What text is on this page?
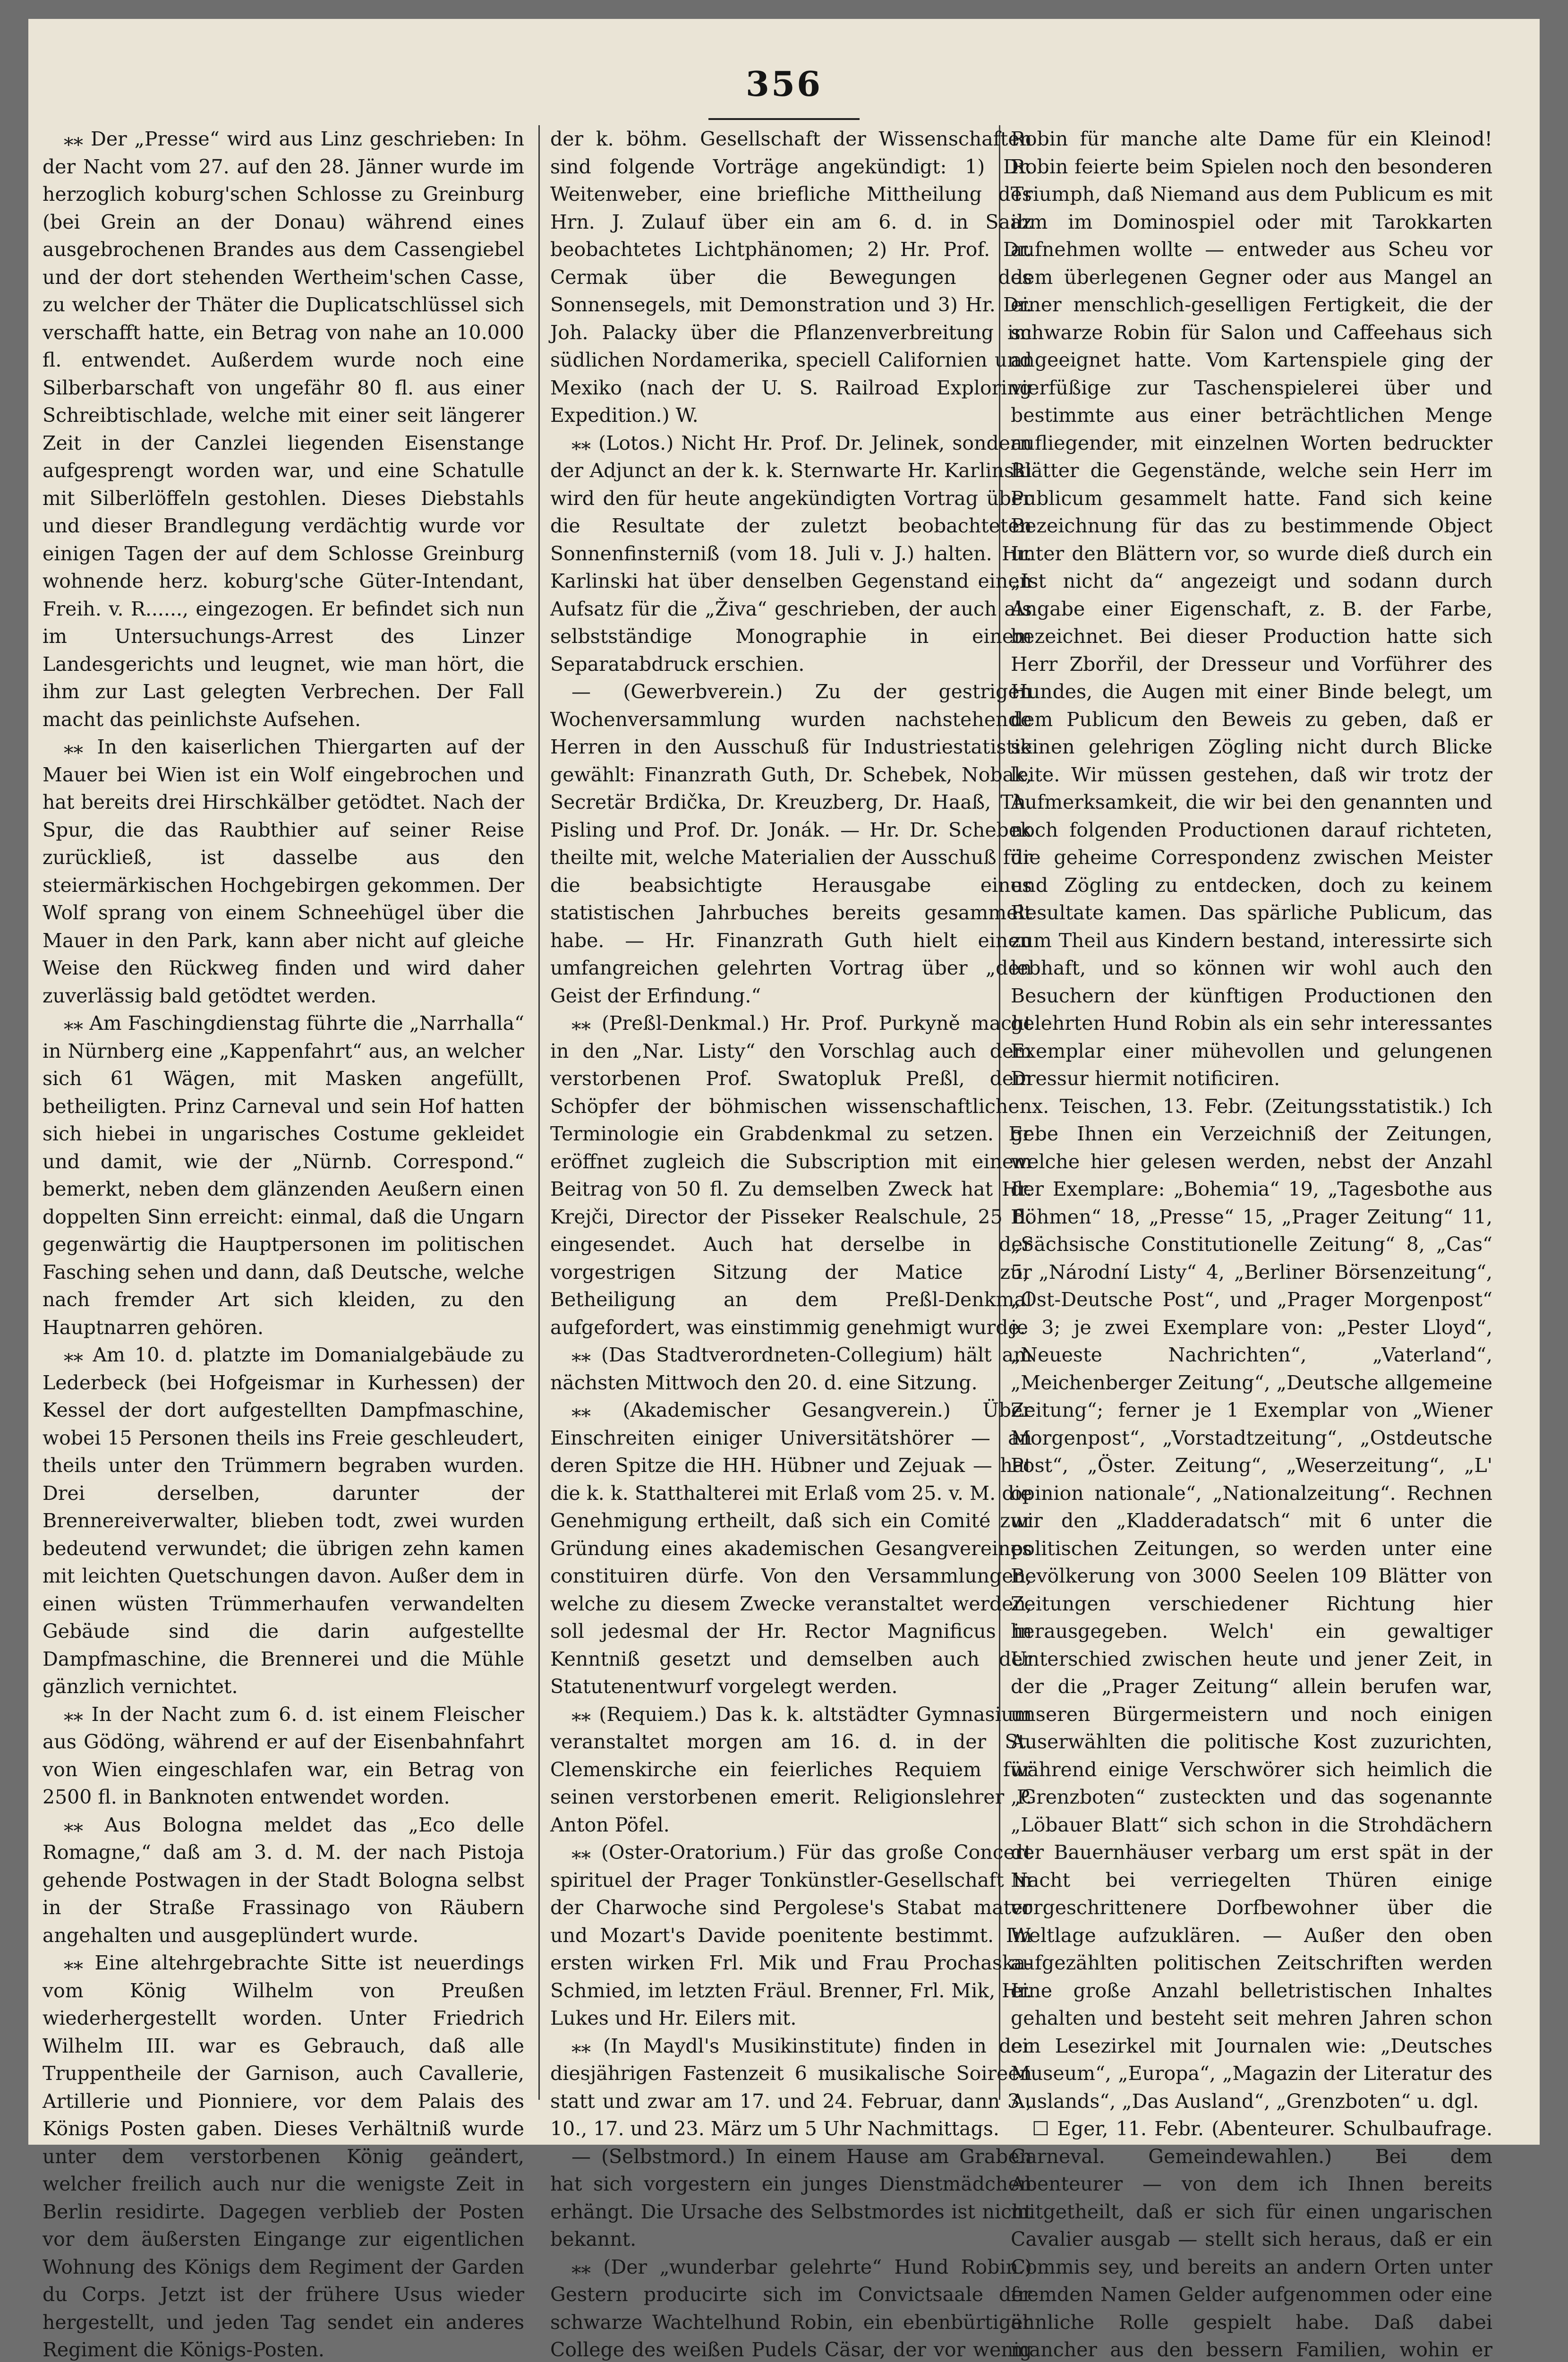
356

⁎⁎ Der „Presse“ wird aus Linz geschrieben: In der Nacht vom 27. auf den 28. Jänner wurde im herzoglich koburg'schen Schlosse zu Greinburg (bei Grein an der Donau) während eines ausgebrochenen Brandes aus dem Cassengiebel und der dort stehenden Wertheim'schen Casse, zu welcher der Thäter die Duplicatschlüssel sich verschafft hatte, ein Betrag von nahe an 10.000 fl. entwendet. Außerdem wurde noch eine Silberbarschaft von ungefähr 80 fl. aus einer Schreibtischlade, welche mit einer seit längerer Zeit in der Canzlei liegenden Eisenstange aufgesprengt worden war, und eine Schatulle mit Silberlöffeln gestohlen. Dieses Diebstahls und dieser Brandlegung verdächtig wurde vor einigen Tagen der auf dem Schlosse Greinburg wohnende herz. koburg'sche Güter-Intendant, Freih. v. R......, eingezogen. Er befindet sich nun im Untersuchungs-Arrest des Linzer Landesgerichts und leugnet, wie man hört, die ihm zur Last gelegten Verbrechen. Der Fall macht das peinlichste Aufsehen.

⁎⁎ In den kaiserlichen Thiergarten auf der Mauer bei Wien ist ein Wolf eingebrochen und hat bereits drei Hirschkälber getödtet. Nach der Spur, die das Raubthier auf seiner Reise zurückließ, ist dasselbe aus den steiermärkischen Hochgebirgen gekommen. Der Wolf sprang von einem Schneehügel über die Mauer in den Park, kann aber nicht auf gleiche Weise den Rückweg finden und wird daher zuverlässig bald getödtet werden.

⁎⁎ Am Faschingdienstag führte die „Narrhalla“ in Nürnberg eine „Kappenfahrt“ aus, an welcher sich 61 Wägen, mit Masken angefüllt, betheiligten. Prinz Carneval und sein Hof hatten sich hiebei in ungarisches Costume gekleidet und damit, wie der „Nürnb. Correspond.“ bemerkt, neben dem glänzenden Aeußern einen doppelten Sinn erreicht: einmal, daß die Ungarn gegenwärtig die Hauptpersonen im politischen Fasching sehen und dann, daß Deutsche, welche nach fremder Art sich kleiden, zu den Hauptnarren gehören.

⁎⁎ Am 10. d. platzte im Domanialgebäude zu Lederbeck (bei Hofgeismar in Kurhessen) der Kessel der dort aufgestellten Dampfmaschine, wobei 15 Personen theils ins Freie geschleudert, theils unter den Trümmern begraben wurden. Drei derselben, darunter der Brennereiverwalter, blieben todt, zwei wurden bedeutend verwundet; die übrigen zehn kamen mit leichten Quetschungen davon. Außer dem in einen wüsten Trümmerhaufen verwandelten Gebäude sind die darin aufgestellte Dampfmaschine, die Brennerei und die Mühle gänzlich vernichtet.

⁎⁎ In der Nacht zum 6. d. ist einem Fleischer aus Gödöng, während er auf der Eisenbahnfahrt von Wien eingeschlafen war, ein Betrag von 2500 fl. in Banknoten entwendet worden.

⁎⁎ Aus Bologna meldet das „Eco delle Romagne,“ daß am 3. d. M. der nach Pistoja gehende Postwagen in der Stadt Bologna selbst in der Straße Frassinago von Räubern angehalten und ausgeplündert wurde.

⁎⁎ Eine altehrgebrachte Sitte ist neuerdings vom König Wilhelm von Preußen wiederhergestellt worden. Unter Friedrich Wilhelm III. war es Gebrauch, daß alle Truppentheile der Garnison, auch Cavallerie, Artillerie und Pionniere, vor dem Palais des Königs Posten gaben. Dieses Verhältniß wurde unter dem verstorbenen König geändert, welcher freilich auch nur die wenigste Zeit in Berlin residirte. Dagegen verblieb der Posten vor dem äußersten Eingange zur eigentlichen Wohnung des Königs dem Regiment der Garden du Corps. Jetzt ist der frühere Usus wieder hergestellt, und jeden Tag sendet ein anderes Regiment die Königs-Posten.

der k. böhm. Gesellschaft der Wissenschaften sind folgende Vorträge angekündigt: 1) Dr. Weitenweber, eine briefliche Mittheilung des Hrn. J. Zulauf über ein am 6. d. in Saaz beobachtetes Lichtphänomen; 2) Hr. Prof. Dr. Cermak über die Bewegungen des Sonnensegels, mit Demonstration und 3) Hr. Dr. Joh. Palacky über die Pflanzenverbreitung im südlichen Nordamerika, speciell Californien und Mexiko (nach der U. S. Railroad Exploring Expedition.) W.

⁎⁎ (Lotos.) Nicht Hr. Prof. Dr. Jelinek, sondern der Adjunct an der k. k. Sternwarte Hr. Karlinski wird den für heute angekündigten Vortrag über die Resultate der zuletzt beobachteten Sonnenfinsterniß (vom 18. Juli v. J.) halten. Hr. Karlinski hat über denselben Gegenstand einen Aufsatz für die „Živa“ geschrieben, der auch als selbstständige Monographie in einem Separatabdruck erschien.

— (Gewerbverein.) Zu der gestrigen Wochenversammlung wurden nachstehende Herren in den Ausschuß für Industriestatistik gewählt: Finanzrath Guth, Dr. Schebek, Nobak, Secretär Brdička, Dr. Kreuzberg, Dr. Haaß, Th. Pisling und Prof. Dr. Jonák. — Hr. Dr. Schebek theilte mit, welche Materialien der Ausschuß für die beabsichtigte Herausgabe eines statistischen Jahrbuches bereits gesammelt habe. — Hr. Finanzrath Guth hielt einen umfangreichen gelehrten Vortrag über „den Geist der Erfindung.“

⁎⁎ (Preßl-Denkmal.) Hr. Prof. Purkyně macht in den „Nar. Listy“ den Vorschlag auch dem verstorbenen Prof. Swatopluk Preßl, dem Schöpfer der böhmischen wissenschaftlichen Terminologie ein Grabdenkmal zu setzen. Er eröffnet zugleich die Subscription mit einem Beitrag von 50 fl. Zu demselben Zweck hat Hr. Krejči, Director der Pisseker Realschule, 25 fl. eingesendet. Auch hat derselbe in der vorgestrigen Sitzung der Matice zur Betheiligung an dem Preßl-Denkmal aufgefordert, was einstimmig genehmigt wurde.

⁎⁎ (Das Stadtverordneten-Collegium) hält am nächsten Mittwoch den 20. d. eine Sitzung.

⁎⁎ (Akademischer Gesangverein.) Über Einschreiten einiger Universitätshörer — an deren Spitze die HH. Hübner und Zejuak — hat die k. k. Statthalterei mit Erlaß vom 25. v. M. die Genehmigung ertheilt, daß sich ein Comité zur Gründung eines akademischen Gesangvereines constituiren dürfe. Von den Versammlungen, welche zu diesem Zwecke veranstaltet werden, soll jedesmal der Hr. Rector Magnificus in Kenntniß gesetzt und demselben auch der Statutenentwurf vorgelegt werden.

⁎⁎ (Requiem.) Das k. k. altstädter Gymnasium veranstaltet morgen am 16. d. in der St. Clemenskirche ein feierliches Requiem für seinen verstorbenen emerit. Religionslehrer P. Anton Pöfel.

⁎⁎ (Oster-Oratorium.) Für das große Concert spirituel der Prager Tonkünstler-Gesellschaft in der Charwoche sind Pergolese's Stabat mater und Mozart's Davide poenitente bestimmt. Im ersten wirken Frl. Mik und Frau Prochaska-Schmied, im letzten Fräul. Brenner, Frl. Mik, Hr. Lukes und Hr. Eilers mit.

⁎⁎ (In Maydl's Musikinstitute) finden in der diesjährigen Fastenzeit 6 musikalische Soireen statt und zwar am 17. und 24. Februar, dann 3., 10., 17. und 23. März um 5 Uhr Nachmittags.

— (Selbstmord.) In einem Hause am Graben hat sich vorgestern ein junges Dienstmädchen erhängt. Die Ursache des Selbstmordes ist nicht bekannt.

⁎⁎ (Der „wunderbar gelehrte“ Hund Robin.) Gestern producirte sich im Convictsaale der schwarze Wachtelhund Robin, ein ebenbürtiger College des weißen Pudels Cäsar, der vor wenig

Robin für manche alte Dame für ein Kleinod! Robin feierte beim Spielen noch den besonderen Triumph, daß Niemand aus dem Publicum es mit ihm im Dominospiel oder mit Tarokkarten aufnehmen wollte — entweder aus Scheu vor dem überlegenen Gegner oder aus Mangel an einer menschlich-geselligen Fertigkeit, die der schwarze Robin für Salon und Caffeehaus sich angeeignet hatte. Vom Kartenspiele ging der vierfüßige zur Taschenspielerei über und bestimmte aus einer beträchtlichen Menge aufliegender, mit einzelnen Worten bedruckter Blätter die Gegenstände, welche sein Herr im Publicum gesammelt hatte. Fand sich keine Bezeichnung für das zu bestimmende Object unter den Blättern vor, so wurde dieß durch ein „Ist nicht da“ angezeigt und sodann durch Angabe einer Eigenschaft, z. B. der Farbe, bezeichnet. Bei dieser Production hatte sich Herr Zborřil, der Dresseur und Vorführer des Hundes, die Augen mit einer Binde belegt, um dem Publicum den Beweis zu geben, daß er seinen gelehrigen Zögling nicht durch Blicke leite. Wir müssen gestehen, daß wir trotz der Aufmerksamkeit, die wir bei den genannten und noch folgenden Productionen darauf richteten, die geheime Correspondenz zwischen Meister und Zögling zu entdecken, doch zu keinem Resultate kamen. Das spärliche Publicum, das zum Theil aus Kindern bestand, interessirte sich lebhaft, und so können wir wohl auch den Besuchern der künftigen Productionen den gelehrten Hund Robin als ein sehr interessantes Exemplar einer mühevollen und gelungenen Dressur hiermit notificiren.

x. Teischen, 13. Febr. (Zeitungsstatistik.) Ich gebe Ihnen ein Verzeichniß der Zeitungen, welche hier gelesen werden, nebst der Anzahl der Exemplare: „Bohemia“ 19, „Tagesbothe aus Böhmen“ 18, „Presse“ 15, „Prager Zeitung“ 11, „Sächsische Constitutionelle Zeitung“ 8, „Cas“ 5, „Národní Listy“ 4, „Berliner Börsenzeitung“, „Ost-Deutsche Post“, und „Prager Morgenpost“ je 3; je zwei Exemplare von: „Pester Lloyd“, „Neueste Nachrichten“, „Vaterland“, „Meichenberger Zeitung“, „Deutsche allgemeine Zeitung“; ferner je 1 Exemplar von „Wiener Morgenpost“, „Vorstadtzeitung“, „Ostdeutsche Post“, „Öster. Zeitung“, „Weserzeitung“, „L' opinion nationale“, „Nationalzeitung“. Rechnen wir den „Kladderadatsch“ mit 6 unter die politischen Zeitungen, so werden unter eine Bevölkerung von 3000 Seelen 109 Blätter von Zeitungen verschiedener Richtung hier herausgegeben. Welch' ein gewaltiger Unterschied zwischen heute und jener Zeit, in der die „Prager Zeitung“ allein berufen war, unseren Bürgermeistern und noch einigen Auserwählten die politische Kost zuzurichten, während einige Verschwörer sich heimlich die „Grenzboten“ zusteckten und das sogenannte „Löbauer Blatt“ sich schon in die Strohdächern der Bauernhäuser verbarg um erst spät in der Nacht bei verriegelten Thüren einige vorgeschrittenere Dorfbewohner über die Weltlage aufzuklären. — Außer den oben aufgezählten politischen Zeitschriften werden eine große Anzahl belletristischen Inhaltes gehalten und besteht seit mehren Jahren schon ein Lesezirkel mit Journalen wie: „Deutsches Museum“, „Europa“, „Magazin der Literatur des Auslands“, „Das Ausland“, „Grenzboten“ u. dgl.

☐ Eger, 11. Febr. (Abenteurer. Schulbaufrage. Carneval. Gemeindewahlen.) Bei dem Abenteurer — von dem ich Ihnen bereits mitgetheilt, daß er sich für einen ungarischen Cavalier ausgab — stellt sich heraus, daß er ein Commis sey, und bereits an andern Orten unter fremden Namen Gelder aufgenommen oder eine ähnliche Rolle gespielt habe. Daß dabei mancher aus den bessern Familien, wohin er
